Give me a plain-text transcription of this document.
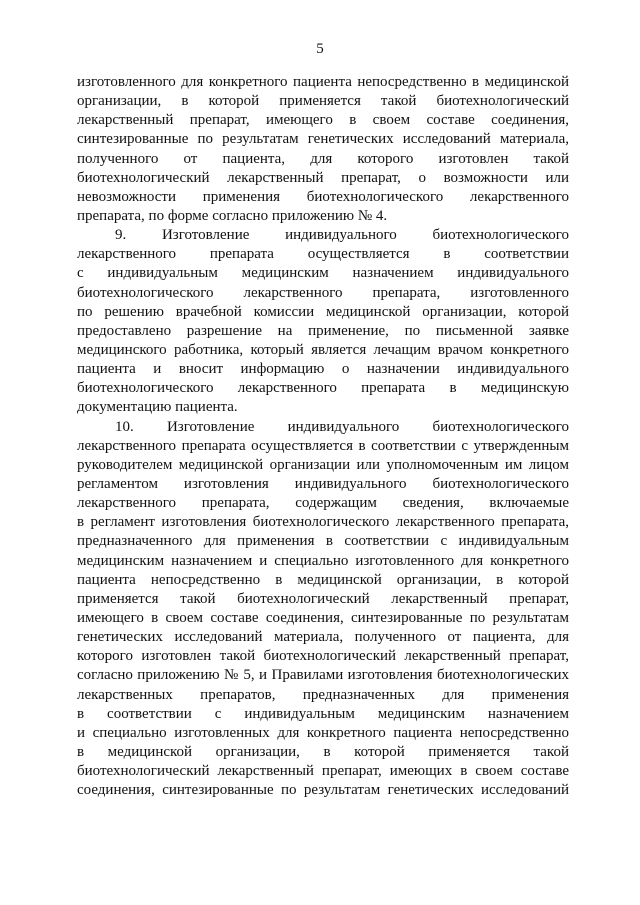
5
изготовленного для конкретного пациента непосредственно в медицинской
организации, в которой применяется такой биотехнологический
лекарственный препарат, имеющего в своем составе соединения,
синтезированные по результатам генетических исследований материала,
полученного от пациента, для которого изготовлен такой
биотехнологический лекарственный препарат, о возможности или
невозможности применения биотехнологического лекарственного
препарата, по форме согласно приложению № 4.
9. Изготовление индивидуального биотехнологического
лекарственного препарата осуществляется в соответствии
с индивидуальным медицинским назначением индивидуального
биотехнологического лекарственного препарата, изготовленного
по решению врачебной комиссии медицинской организации, которой
предоставлено разрешение на применение, по письменной заявке
медицинского работника, который является лечащим врачом конкретного
пациента и вносит информацию о назначении индивидуального
биотехнологического лекарственного препарата в медицинскую
документацию пациента.
10. Изготовление индивидуального биотехнологического
лекарственного препарата осуществляется в соответствии с утвержденным
руководителем медицинской организации или уполномоченным им лицом
регламентом изготовления индивидуального биотехнологического
лекарственного препарата, содержащим сведения, включаемые
в регламент изготовления биотехнологического лекарственного препарата,
предназначенного для применения в соответствии с индивидуальным
медицинским назначением и специально изготовленного для конкретного
пациента непосредственно в медицинской организации, в которой
применяется такой биотехнологический лекарственный препарат,
имеющего в своем составе соединения, синтезированные по результатам
генетических исследований материала, полученного от пациента, для
которого изготовлен такой биотехнологический лекарственный препарат,
согласно приложению № 5, и Правилами изготовления биотехнологических
лекарственных препаратов, предназначенных для применения
в соответствии с индивидуальным медицинским назначением
и специально изготовленных для конкретного пациента непосредственно
в медицинской организации, в которой применяется такой
биотехнологический лекарственный препарат, имеющих в своем составе
соединения, синтезированные по результатам генетических исследований
